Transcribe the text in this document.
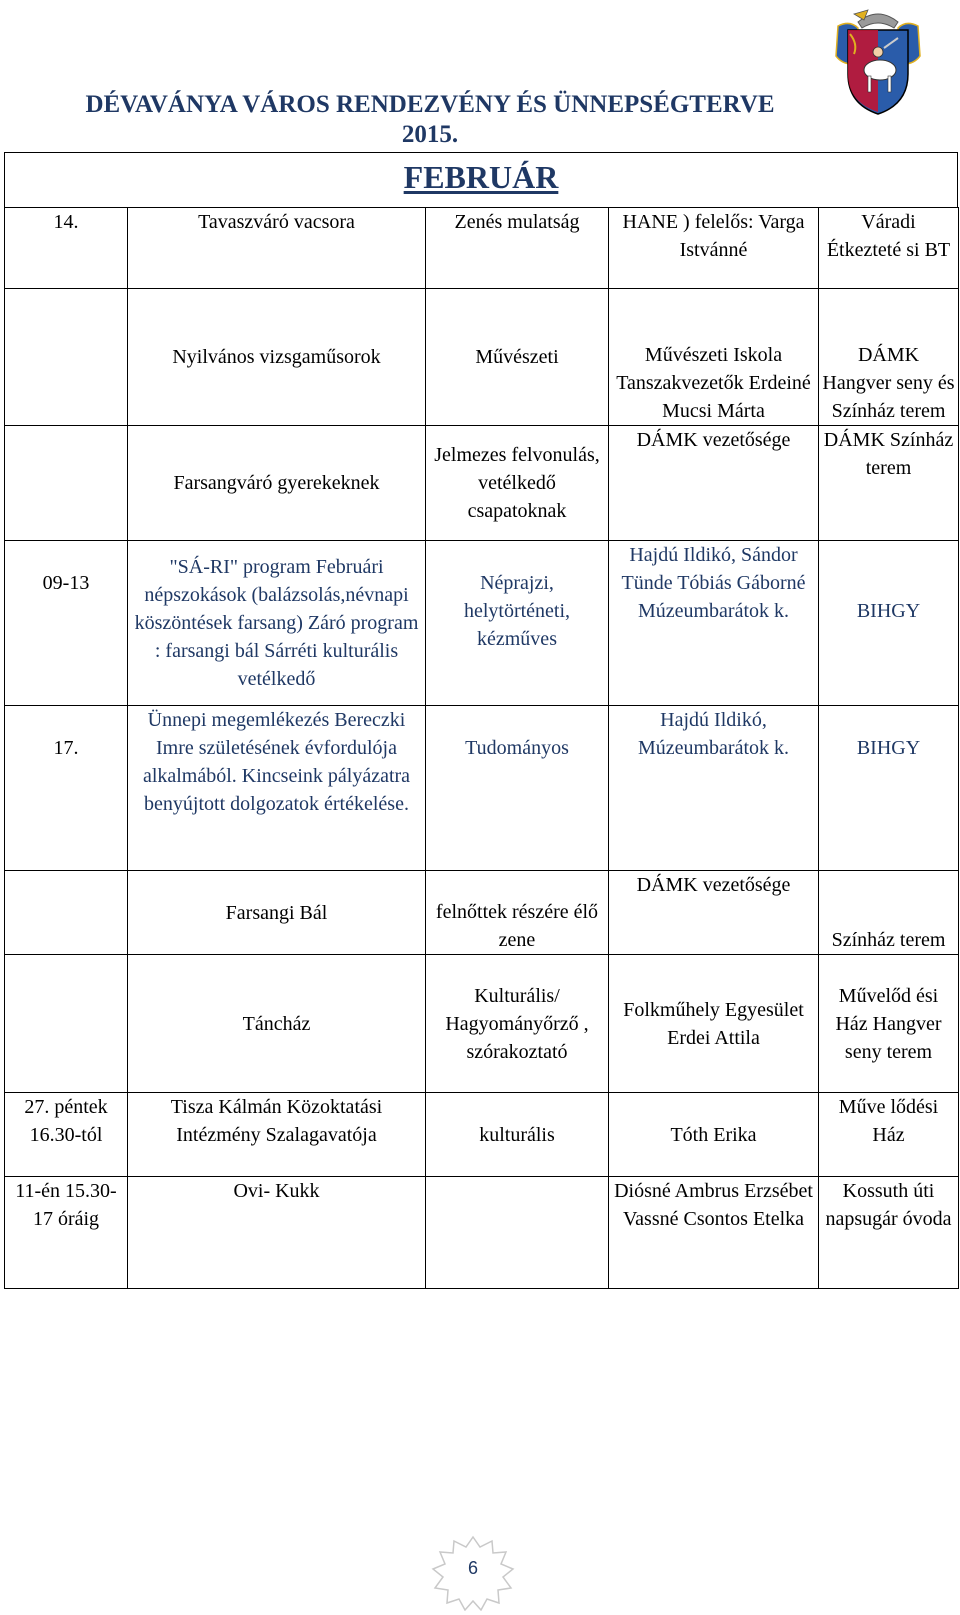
DÉVAVÁNYA VÁROS RENDEZVÉNY ÉS ÜNNEPSÉGTERVE
2015.
FEBRUÁR
14.	Tavaszváró vacsora	Zenés mulatság	HANE ) felelős: Varga Istvánné	Váradi Étkezteté si BT
	Nyilvános vizsgaműsorok	Művészeti	Művészeti Iskola Tanszakvezetők Erdeiné Mucsi Márta	DÁMK Hangver seny és Színház terem
	Farsangváró gyerekeknek	Jelmezes felvonulás, vetélkedő csapatoknak	DÁMK vezetősége	DÁMK Színház terem
09-13	"SÁ-RI" program Februári népszokások (balázsolás,névnapi köszöntések farsang) Záró program : farsangi bál Sárréti kulturális vetélkedő	Néprajzi, helytörténeti, kézműves	Hajdú Ildikó, Sándor Tünde Tóbiás Gáborné Múzeumbarátok k.	BIHGY
17.	Ünnepi megemlékezés Bereczki Imre születésének évfordulója alkalmából. Kincseink pályázatra benyújtott dolgozatok értékelése.	Tudományos	Hajdú Ildikó, Múzeumbarátok k.	BIHGY
	Farsangi Bál	felnőttek részére élő zene	DÁMK vezetősége	Színház terem
	Táncház	Kulturális/ Hagyományőrző , szórakoztató	Folkműhely Egyesület Erdei Attila	Művelőd ési Ház Hangver seny terem
27. péntek 16.30-tól	Tisza Kálmán Közoktatási Intézmény Szalagavatója	kulturális	Tóth Erika	Műve lődési Ház
11-én 15.30-17 óráig	Ovi- Kukk		Diósné Ambrus Erzsébet Vassné Csontos Etelka	Kossuth úti napsugár óvoda
6
